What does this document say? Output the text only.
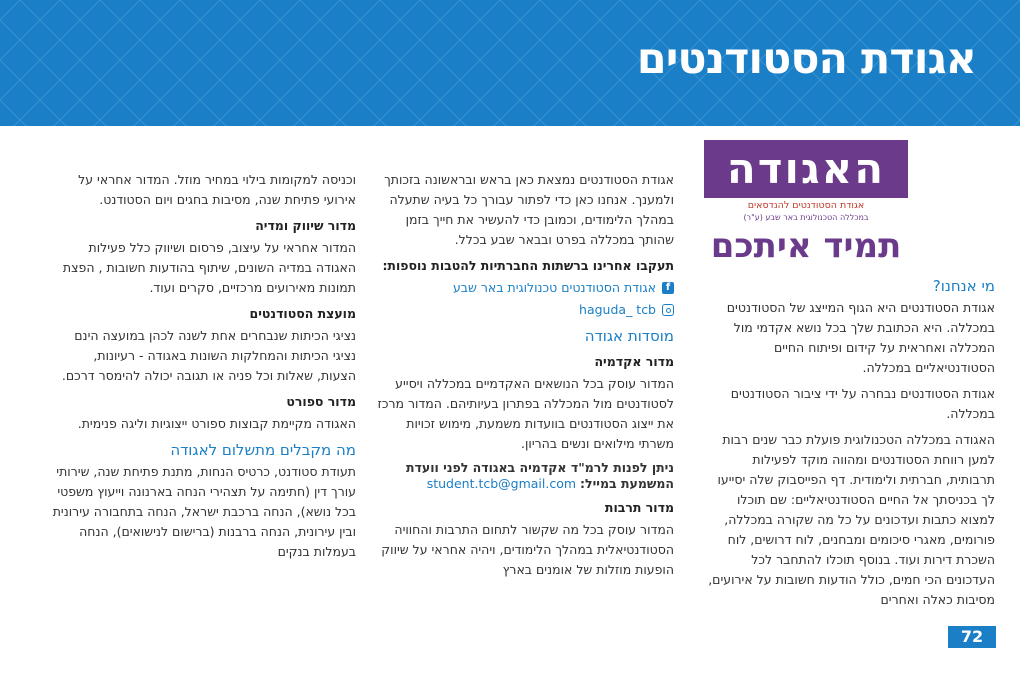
אגודת הסטודנטים
האגודה
אגודת הסטודנטים להנדסאים
במכללה הטכנולוגית באר שבע (ע"ר)
תמיד איתכם
מי אנחנו?

אגודת הסטודנטים היא הגוף המייצג של הסטודנטים במכללה. היא הכתובת שלך בכל נושא אקדמי מול המכללה ואחראית על קידום ופיתוח החיים הסטודנטיאליים במכללה.

אגודת הסטודנטים נבחרה על ידי ציבור הסטודנטים במכללה.

האגודה במכללה הטכנולוגית פועלת כבר שנים רבות למען רווחת הסטודנטים ומהווה מוקד לפעילות תרבותית, חברתית ולימודית. דף הפייסבוק שלה יסייעו לך בכניסתך אל החיים הסטודנטיאליים: שם תוכלו למצוא כתבות ועדכונים על כל מה שקורה במכללה, פורומים, מאגרי סיכומים ומבחנים, לוח דרושים, לוח השכרת דירות ועוד. בנוסף תוכלו להתחבר לכל העדכונים הכי חמים, כולל הודעות חשובות על אירועים, מסיבות כאלה ואחרים

אגודת הסטודנטים נמצאת כאן בראש ובראשונה בזכותך ולמענך. אנחנו כאן כדי לפתור עבורך כל בעיה שתעלה במהלך הלימודים, וכמובן כדי להעשיר את חייך בזמן שהותך במכללה בפרט ובבאר שבע בכלל.

תעקבו אחרינו ברשתות החברתיות להטבות נוספות:
f
אגודת הסטודנטים טכנולוגית באר שבע
haguda_ tcb
מוסדות אגודה
מדור אקדמיה

המדור עוסק בכל הנושאים האקדמיים במכללה ויסייע לסטודנטים מול המכללה בפתרון בעיותיהם. המדור מרכז את ייצוג הסטודנטים בוועדות משמעת, מימוש זכויות משרתי מילואים ונשים בהריון.

ניתן לפנות לרמ"ד אקדמיה באגודה לפני וועדת המשמעת במייל: student.tcb@gmail.com

מדור תרבות

המדור עוסק בכל מה שקשור לתחום התרבות והחוויה הסטודנטיאלית במהלך הלימודים, ויהיה אחראי על שיווק הופעות מוזלות של אומנים בארץ

וכניסה למקומות בילוי במחיר מוזל. המדור אחראי על אירועי פתיחת שנה, מסיבות בחגים ויום הסטודנט.

מדור שיווק ומדיה

המדור אחראי על עיצוב, פרסום ושיווק כלל פעילות האגודה במדיה השונים, שיתוף בהודעות חשובות , הפצת תמונות מאירועים מרכזיים, סקרים ועוד.

מועצת הסטודנטים

נציגי הכיתות שנבחרים אחת לשנה לכהן במועצה הינם נציגי הכיתות והמחלקות השונות באגודה - רעיונות, הצעות, שאלות וכל פניה או תגובה יכולה להימסר דרכם.

מדור ספורט

האגודה מקיימת קבוצות ספורט ייצוגיות וליגה פנימית.

מה מקבלים מתשלום לאגודה

תעודת סטודנט, כרטיס הנחות, מתנת פתיחת שנה, שירותי עורך דין (חתימה על תצהירי הנחה בארנונה וייעוץ משפטי בכל נושא), הנחה ברכבת ישראל, הנחה בתחבורה עירונית ובין עירונית, הנחה ברבנות (ברישום לנישואים), הנחה בעמלות בנקים

72
